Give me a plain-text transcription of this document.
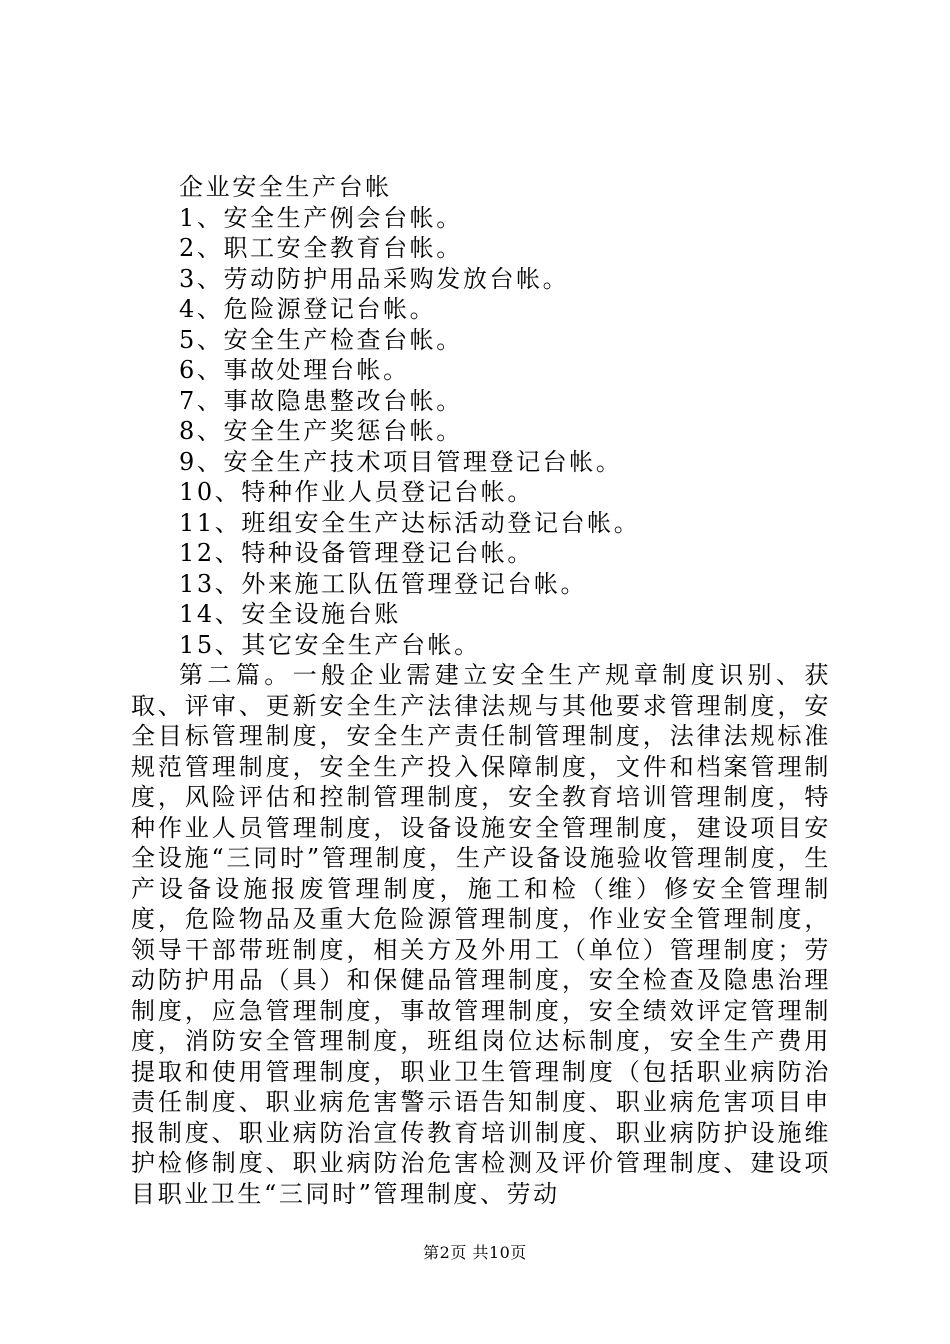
企业安全生产台帐

1、安全生产例会台帐。

2、职工安全教育台帐。

3、劳动防护用品采购发放台帐。

4、危险源登记台帐。

5、安全生产检查台帐。

6、事故处理台帐。

7、事故隐患整改台帐。

8、安全生产奖惩台帐。

9、安全生产技术项目管理登记台帐。

10、特种作业人员登记台帐。

11、班组安全生产达标活动登记台帐。

12、特种设备管理登记台帐。

13、外来施工队伍管理登记台帐。

14、安全设施台账

15、其它安全生产台帐。

第二篇。一般企业需建立安全生产规章制度识别、获取、评审、更新安全生产法律法规与其他要求管理制度，安全目标管理制度，安全生产责任制管理制度，法律法规标准规范管理制度，安全生产投入保障制度，文件和档案管理制度，风险评估和控制管理制度，安全教育培训管理制度，特种作业人员管理制度，设备设施安全管理制度，建设项目安全设施“三同时”管理制度，生产设备设施验收管理制度，生产设备设施报废管理制度，施工和检（维）修安全管理制度，危险物品及重大危险源管理制度，作业安全管理制度，领导干部带班制度，相关方及外用工（单位）管理制度；劳动防护用品（具）和保健品管理制度，安全检查及隐患治理制度，应急管理制度，事故管理制度，安全绩效评定管理制度，消防安全管理制度，班组岗位达标制度，安全生产费用提取和使用管理制度，职业卫生管理制度（包括职业病防治责任制度、职业病危害警示语告知制度、职业病危害项目申报制度、职业病防治宣传教育培训制度、职业病防护设施维护检修制度、职业病防治危害检测及评价管理制度、建设项目职业卫生“三同时”管理制度、劳动

第2页 共10页
